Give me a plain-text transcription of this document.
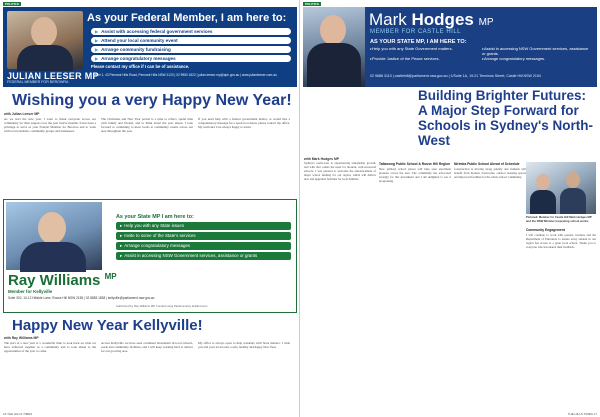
POLITICS
As your Federal Member, I am here to:
▶ Assist with accessing federal government services
▶ Attend your local community event
▶ Arrange community fundraising
▶ Arrange congratulatory messages
Please contact my office if I can be of assistance.
JULIAN LEESER MP
FEDERAL MEMBER FOR BEROWRA
Level 1, 43 Pennant Hills Road, Pennant Hills NSW 2120 | 02 9980 1822 | julian.leeser.mp@aph.gov.au | www.julianleeser.com.au
Wishing you a very Happy New Year!
with Julian Leeser MP

As we start the new year, I want to thank everyone across our community for their support over the past twelve months. It has been a privilege to serve as your Federal Member for Berowra and to work with local residents, community groups and businesses.

The Christmas and New Year period is a time to reflect, spend time with family and friends, and to think about the year ahead. I look forward to continuing to meet locals at community events across our area throughout the year.

If you need help with a federal government matter, or would like a congratulatory message for a special occasion, please contact my office. My team and I are always happy to assist.

Ray Williams $^{MP}$
Member for Kellyville
Suite 302, 10-12 Hillside Lane, Rouse Hill NSW 2155 | 02 8883 1838 | kellyville@parliament.nsw.gov.au
As your State MP I am here to:
▸ Help you with any State issues
▸ Invite to some of the State's services
▸ Arrange congratulatory messages
▸ Assist in accessing NSW Government services, assistance or grants
Authorised by Ray Williams MP, Funded using Parliamentary Entitlements
Happy New Year Kellyville!
with Ray Williams MP

The start of a new year is a wonderful time to look back on what we have achieved together as a community and to look ahead to the opportunities of the year to come.

Across Kellyville we have seen continued investment in local schools, roads and community facilities, and I will keep working hard to deliver for our growing area.

My office is always open to help residents with State matters. I wish you and your loved ones a safe, healthy and happy New Year.

16 THE HILLS TIMES
POLITICS
Mark Hodges MP
MEMBER FOR CASTLE HILL
AS YOUR STATE MP, I AM HERE TO:
▸ Help you with any State Government matters.	▸ Assist in accessing NSW Government services, assistance or grants.
▸ Provide Justice of the Peace services.	▸ Arrange congratulatory messages.
02 9686 3110 | castlehill@parliament.nsw.gov.au | 1/Suite 1A, 19-21 Terminus Street, Castle Hill NSW 2154
Building Brighter Futures: A Major Step Forward for Schools in Sydney's North-West
with Mark Hodges MP

Sydney's north-west is experiencing remarkable growth, and with that comes the need for modern, well-resourced schools. I was pleased to welcome the announcement of major school funding for our region, which will deliver new and upgraded facilities for local families.

Tallawong Public School & Rouse Hill Region

New primary school places will help ease enrolment pressure across the area. The community has advocated strongly for this investment and I am delighted to see it progressing.

Nirimba Public School Ahead of Schedule

Construction is moving along quickly and students will benefit from modern classrooms, outdoor learning spaces and improved facilities for the whole school community.

Pictured: Member for Castle Hill Mark Hodges MP and the NSW Minister inspecting school works.
Community Engagement

I will continue to work with parents, teachers and the Department of Education to ensure every student in our region has access to a great local school. Thank you to everyone who has shared their feedback.

THE HILLS TIMES 17
